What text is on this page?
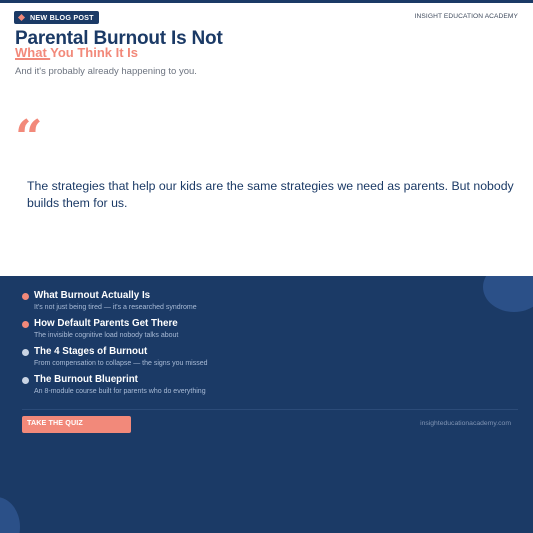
NEW BLOG POST	INSIGHT EDUCATION ACADEMY
Parental Burnout Is Not
What You Think It Is
And it's probably already happening to you.
“
The strategies that help our kids are the same strategies we need as parents. But nobody builds them for us.
What Burnout Actually Is
It's not just being tired — it's a researched syndrome
How Default Parents Get There
The invisible cognitive load nobody talks about
The 4 Stages of Burnout
From compensation to collapse — the signs you missed
The Burnout Blueprint
An 8-module course built for parents who do everything
TAKE THE QUIZ	insighteducationacademy.com
